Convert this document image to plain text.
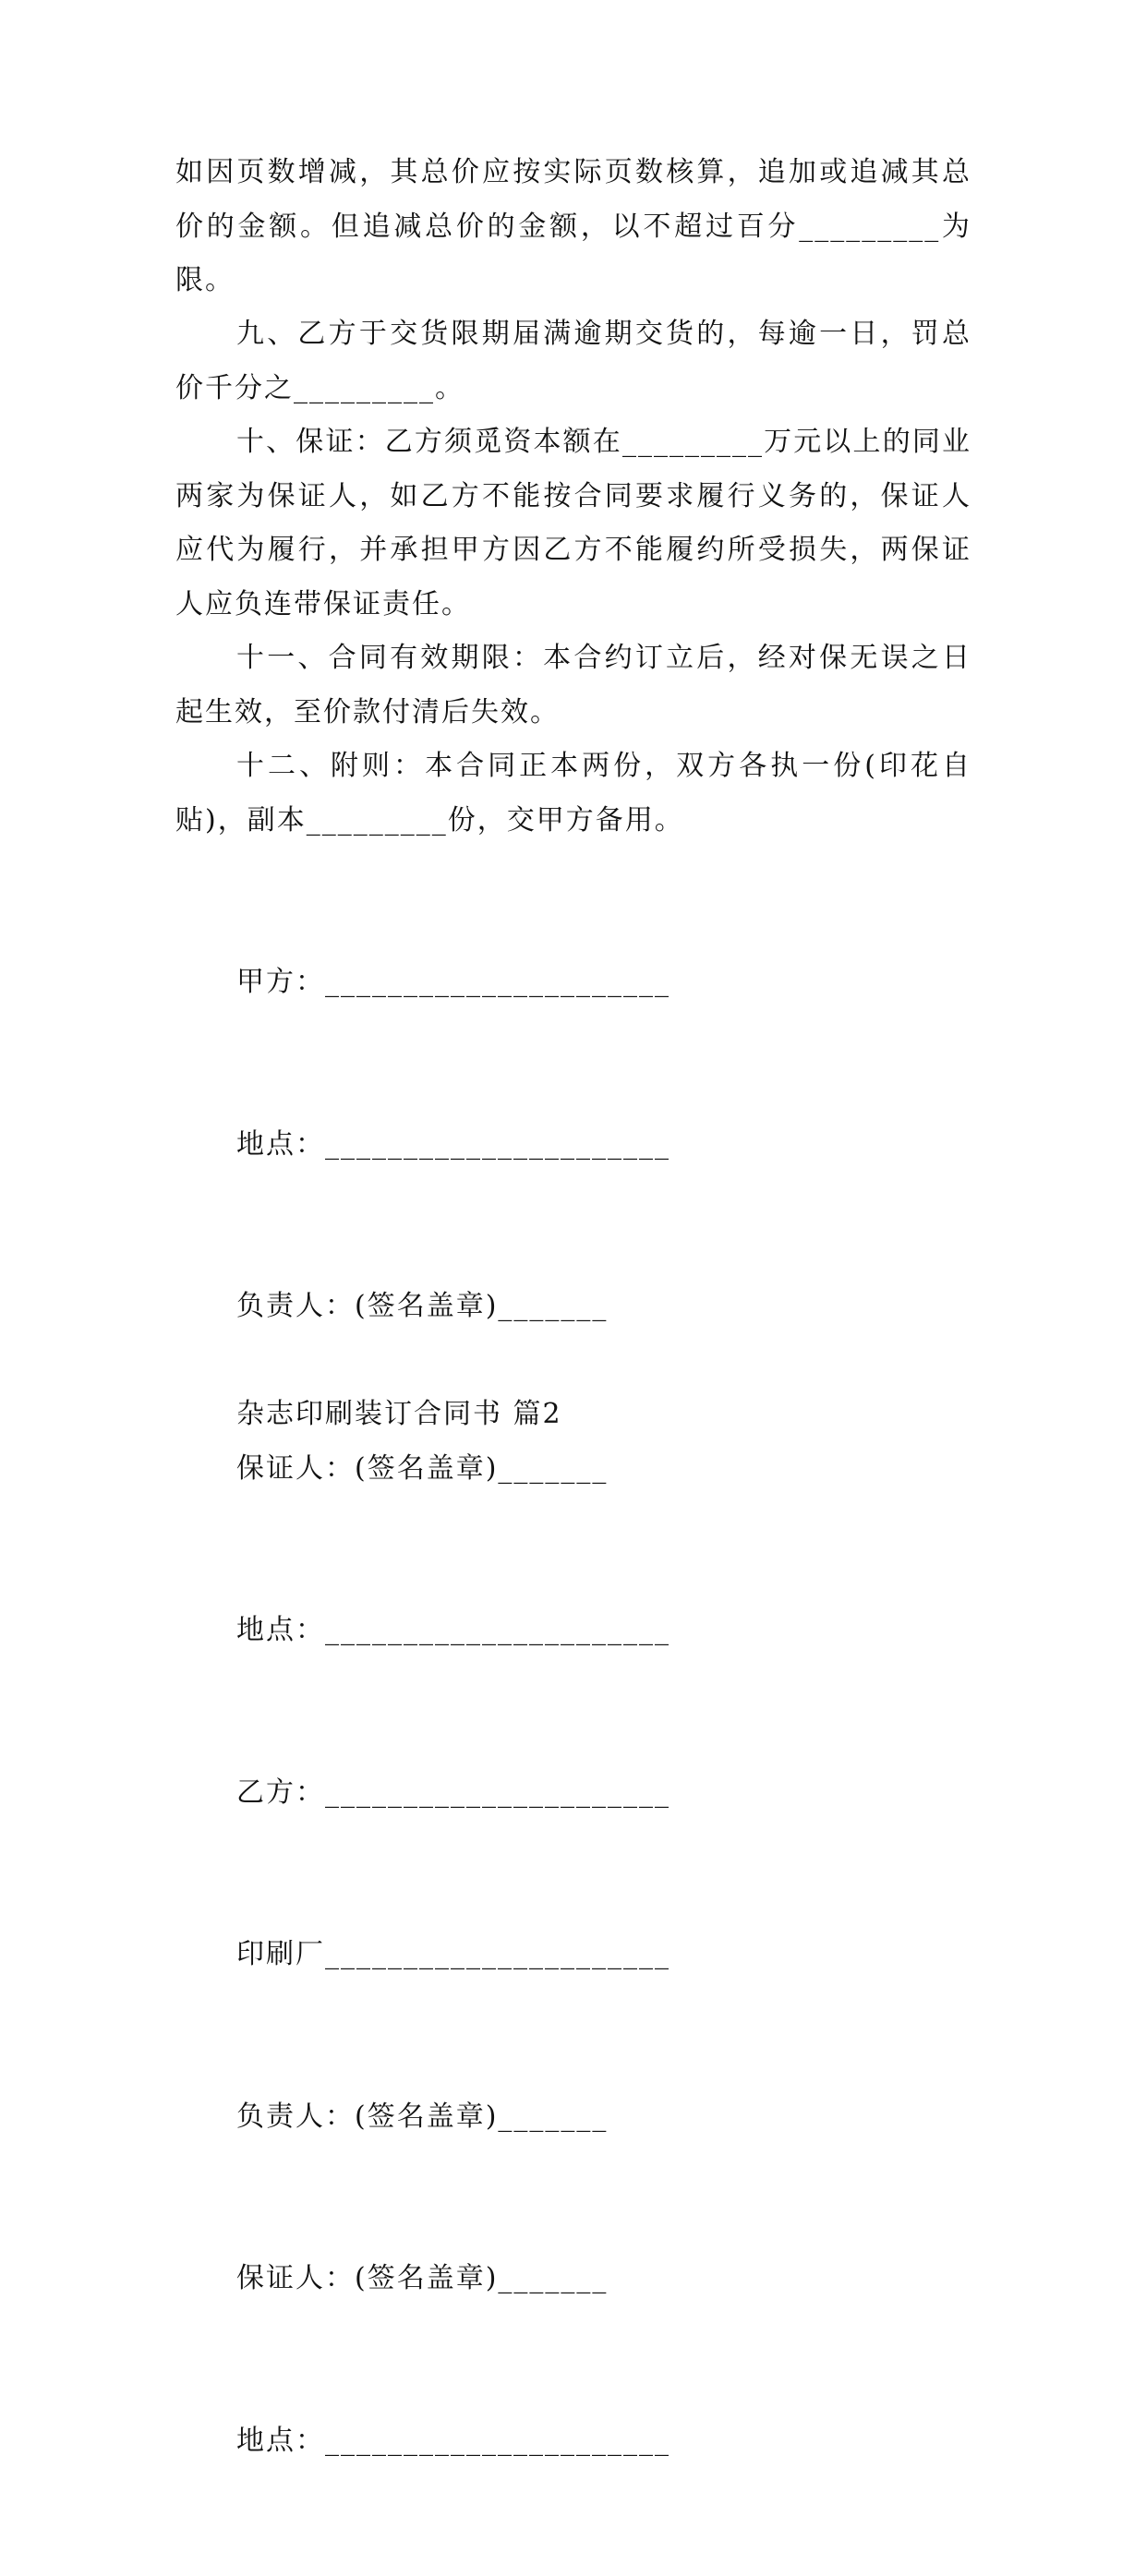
如因页数增减，其总价应按实际页数核算，追加或追减其总价的金额。但追减总价的金额，以不超过百分_________为限。

九、乙方于交货限期届满逾期交货的，每逾一日，罚总价千分之_________。

十、保证：乙方须觅资本额在_________万元以上的同业两家为保证人，如乙方不能按合同要求履行义务的，保证人应代为履行，并承担甲方因乙方不能履约所受损失，两保证人应负连带保证责任。

十一、合同有效期限：本合约订立后，经对保无误之日起生效，至价款付清后失效。

十二、附则：本合同正本两份，双方各执一份(印花自贴)，副本_________份，交甲方备用。

甲方：______________________

地点：______________________

负责人：(签名盖章)_______

保证人：(签名盖章)_______

地点：______________________

乙方：______________________

印刷厂______________________

负责人：(签名盖章)_______

保证人：(签名盖章)_______

地点：______________________

杂志印刷装订合同书 篇2
